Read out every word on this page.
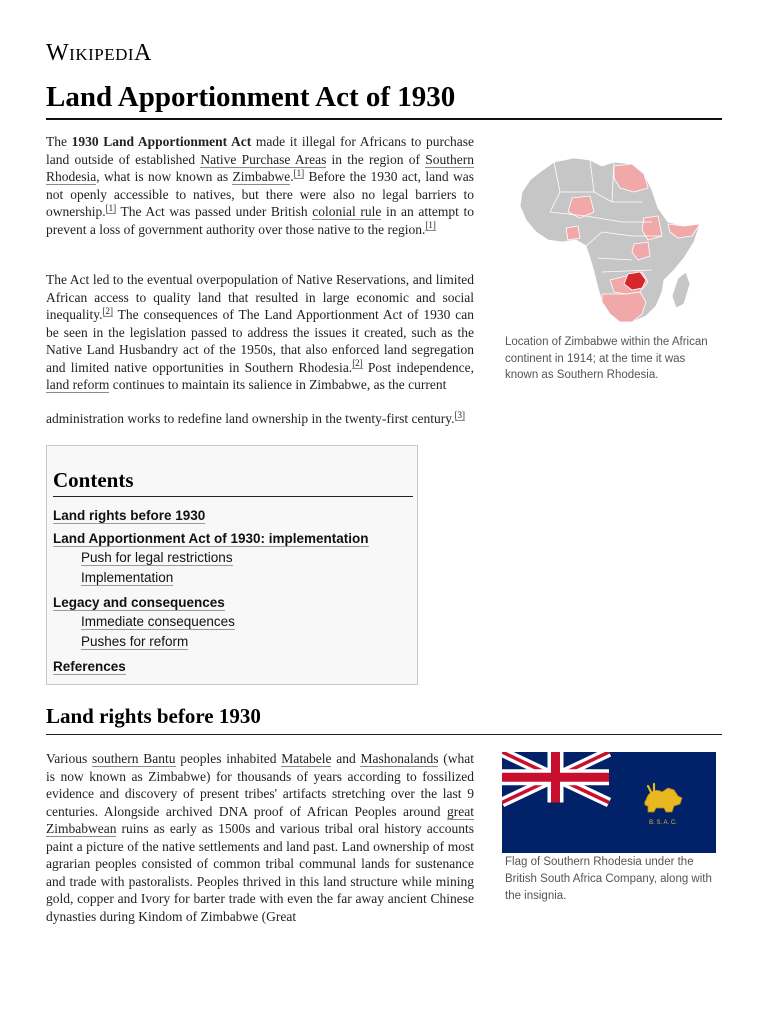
WIKIPEDIA
Land Apportionment Act of 1930
The 1930 Land Apportionment Act made it illegal for Africans to purchase land outside of established Native Purchase Areas in the region of Southern Rhodesia, what is now known as Zimbabwe.[1] Before the 1930 act, land was not openly accessible to natives, but there were also no legal barriers to ownership.[1] The Act was passed under British colonial rule in an attempt to prevent a loss of government authority over those native to the region.[1]
The Act led to the eventual overpopulation of Native Reservations, and limited African access to quality land that resulted in large economic and social inequality.[2] The consequences of The Land Apportionment Act of 1930 can be seen in the legislation passed to address the issues it created, such as the Native Land Husbandry act of the 1950s, that also enforced land segregation and limited native opportunities in Southern Rhodesia.[2] Post independence, land reform continues to maintain its salience in Zimbabwe, as the current
administration works to redefine land ownership in the twenty-first century.[3]
Location of Zimbabwe within the African continent in 1914; at the time it was known as Southern Rhodesia.
Contents
Land rights before 1930
Land Apportionment Act of 1930: implementation
Push for legal restrictions
Implementation
Legacy and consequences
Immediate consequences
Pushes for reform
References
Land rights before 1930
Various southern Bantu peoples inhabited Matabele and Mashonalands (what is now known as Zimbabwe) for thousands of years according to fossilized evidence and discovery of present tribes' artifacts stretching over the last 9 centuries. Alongside archived DNA proof of African Peoples around great Zimbabwean ruins as early as 1500s and various tribal oral history accounts paint a picture of the native settlements and land past. Land ownership of most agrarian peoples consisted of common tribal communal lands for sustenance and trade with pastoralists. Peoples thrived in this land structure while mining gold, copper and Ivory for barter trade with even the far away ancient Chinese dynasties during Kindom of Zimbabwe (Great
B. S. A. C.
Flag of Southern Rhodesia under the British South Africa Company, along with the insignia.
